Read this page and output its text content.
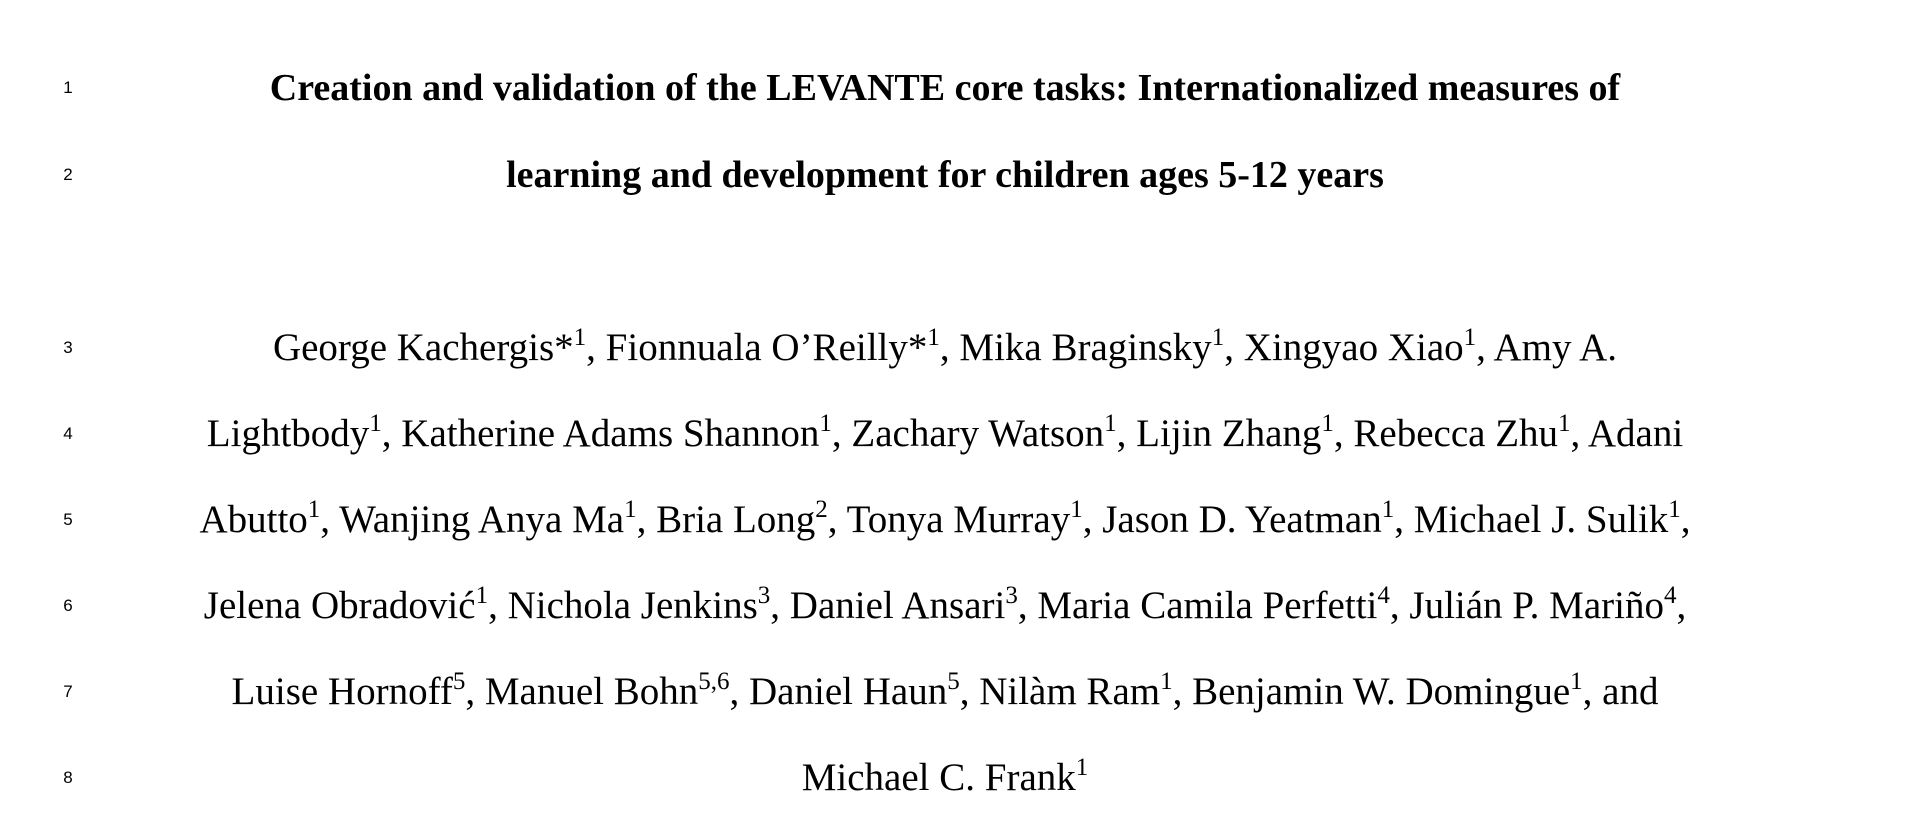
1	Creation and validation of the LEVANTE core tasks: Internationalized measures of
2	learning and development for children ages 5-12 years
3	George Kachergis*$^1$, Fionnuala O’Reilly*$^1$, Mika Braginsky$^1$, Xingyao Xiao$^1$, Amy A.
4	Lightbody$^1$, Katherine Adams Shannon$^1$, Zachary Watson$^1$, Lijin Zhang$^1$, Rebecca Zhu$^1$, Adani
5	Abutto$^1$, Wanjing Anya Ma$^1$, Bria Long$^2$, Tonya Murray$^1$, Jason D. Yeatman$^1$, Michael J. Sulik$^1$,
6	Jelena Obradović$^1$, Nichola Jenkins$^3$, Daniel Ansari$^3$, Maria Camila Perfetti$^4$, Julián P. Mariño$^4$,
7	Luise Hornoff$^5$, Manuel Bohn$^{5,6}$, Daniel Haun$^5$, Nilàm Ram$^1$, Benjamin W. Domingue$^1$, and
8	Michael C. Frank$^1$
